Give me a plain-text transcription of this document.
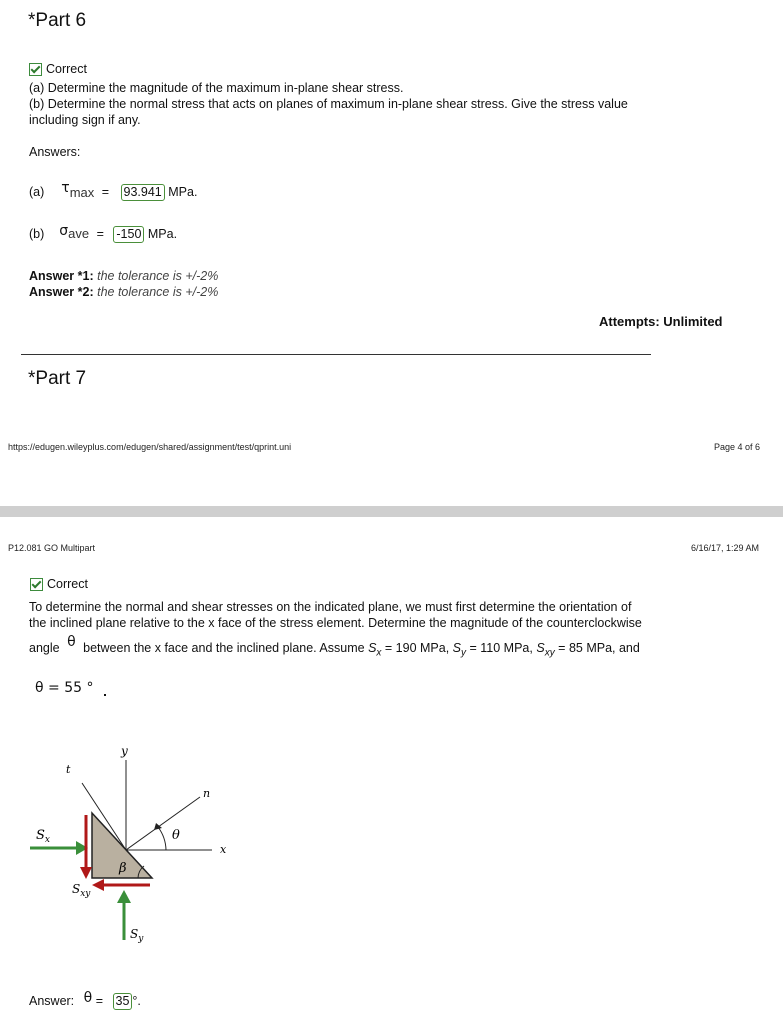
*Part 6
Correct
(a) Determine the magnitude of the maximum in-plane shear stress.
(b) Determine the normal stress that acts on planes of maximum in-plane shear stress. Give the stress value
including sign if any.
Answers:
(a) τmax = 93.941 MPa.
(b) σave = -150 MPa.
Answer *1: the tolerance is +/-2%
Answer *2: the tolerance is +/-2%
Attempts: Unlimited
*Part 7
https://edugen.wileyplus.com/edugen/shared/assignment/test/qprint.uni	Page 4 of 6
P12.081 GO Multipart	6/16/17, 1:29 AM
Correct
To determine the normal and shear stresses on the indicated plane, we must first determine the orientation of
the inclined plane relative to the x face of the stress element. Determine the magnitude of the counterclockwise
angle θ between the x face and the inclined plane. Assume $S_x = 190$ MPa, $S_y = 110$ MPa, $S_{xy} = 85$ MPa, and
θ = 55 °
y
t
n
x
θ
β
$S_x$
$S_{xy}$
$S_y$
Answer: θ = 35 °.
